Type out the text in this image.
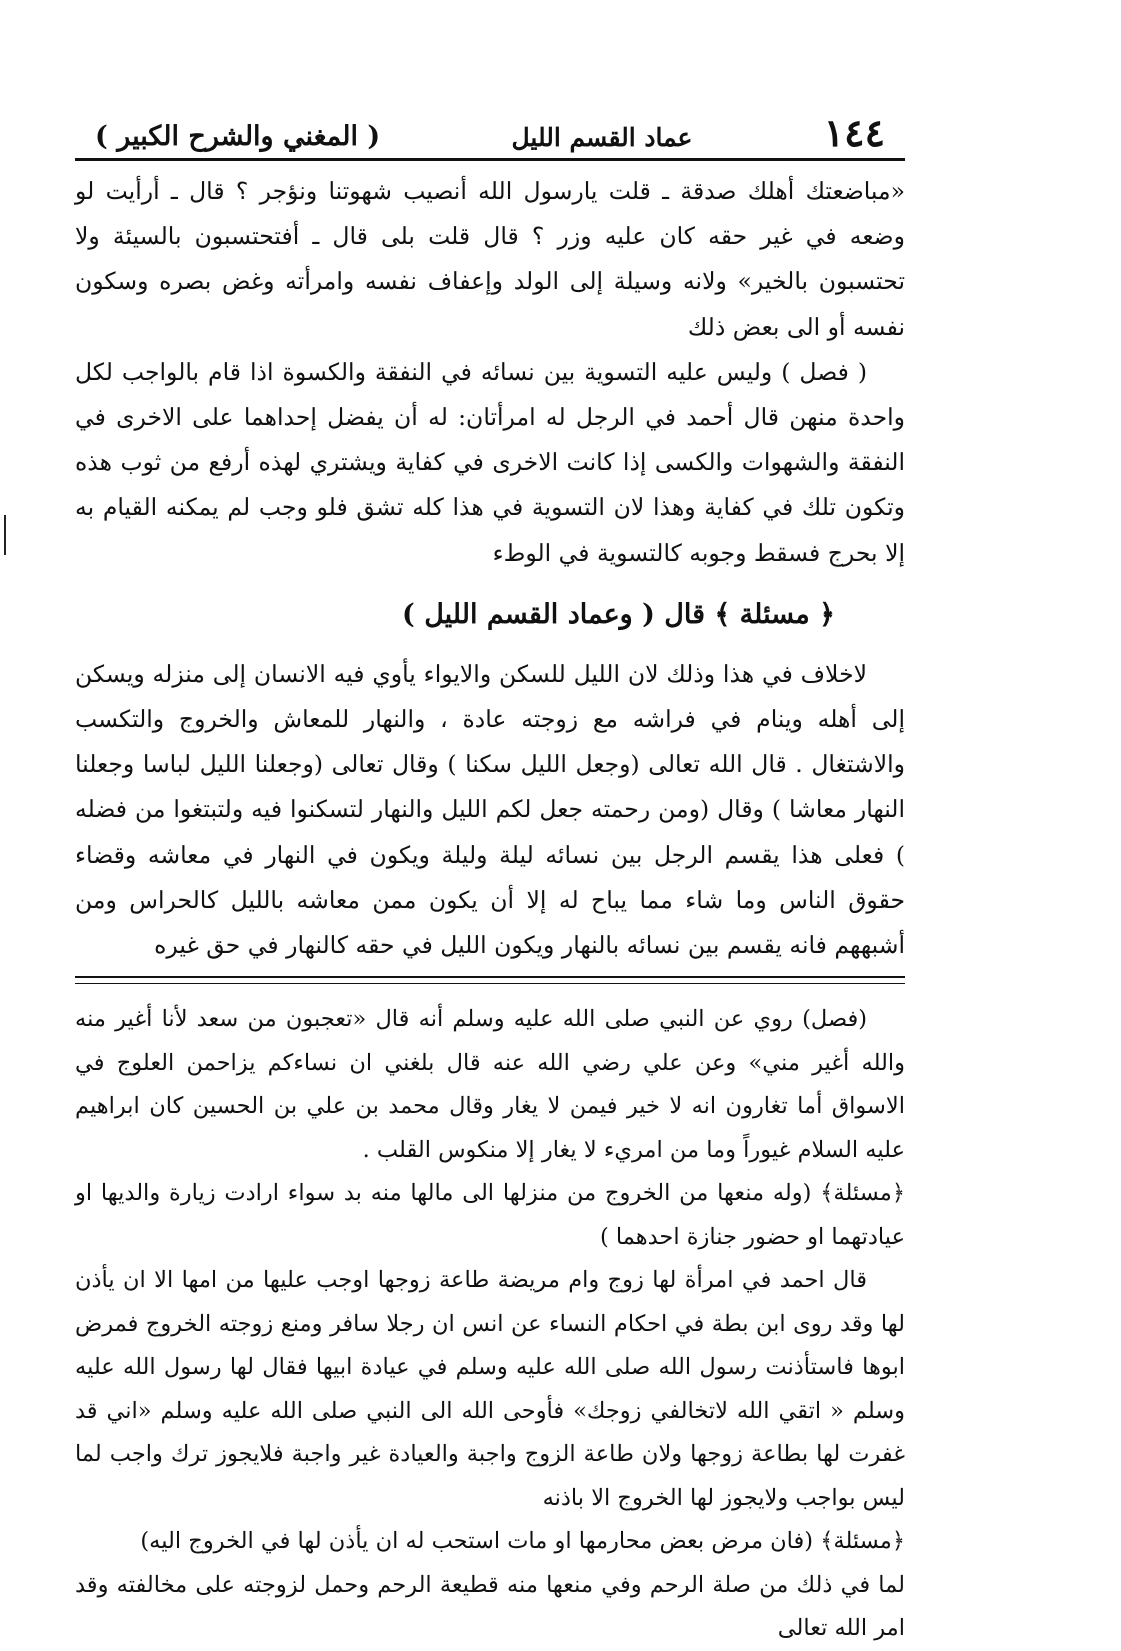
١٤٤
عماد القسم الليل
( المغني والشرح الكبير )

«مباضعتك أهلك صدقة ـ قلت يارسول الله أنصيب شهوتنا ونؤجر ؟ قال ـ أرأيت لو وضعه في غير حقه كان عليه وزر ؟ قال قلت بلى قال ـ أفتحتسبون بالسيئة ولا تحتسبون بالخير» ولانه وسيلة إلى الولد وإعفاف نفسه وامرأته وغض بصره وسكون نفسه أو الى بعض ذلك

( فصل ) وليس عليه التسوية بين نسائه في النفقة والكسوة اذا قام بالواجب لكل واحدة منهن قال أحمد في الرجل له امرأتان: له أن يفضل إحداهما على الاخرى في النفقة والشهوات والكسى إذا كانت الاخرى في كفاية ويشتري لهذه أرفع من ثوب هذه وتكون تلك في كفاية وهذا لان التسوية في هذا كله تشق فلو وجب لم يمكنه القيام به إلا بحرج فسقط وجوبه كالتسوية في الوطء

﴿ مسئلة ﴾ قال ( وعماد القسم الليل )

لاخلاف في هذا وذلك لان الليل للسكن والايواء يأوي فيه الانسان إلى منزله ويسكن إلى أهله وينام في فراشه مع زوجته عادة ، والنهار للمعاش والخروج والتكسب والاشتغال . قال الله تعالى (وجعل الليل سكنا ) وقال تعالى (وجعلنا الليل لباسا وجعلنا النهار معاشا ) وقال (ومن رحمته جعل لكم الليل والنهار لتسكنوا فيه ولتبتغوا من فضله ) فعلى هذا يقسم الرجل بين نسائه ليلة وليلة ويكون في النهار في معاشه وقضاء حقوق الناس وما شاء مما يباح له إلا أن يكون ممن معاشه بالليل كالحراس ومن أشبههم فانه يقسم بين نسائه بالنهار ويكون الليل في حقه كالنهار في حق غيره

(فصل) روي عن النبي صلى الله عليه وسلم أنه قال «تعجبون من سعد لأنا أغير منه والله أغير مني» وعن علي رضي الله عنه قال بلغني ان نساءكم يزاحمن العلوج في الاسواق أما تغارون انه لا خير فيمن لا يغار وقال محمد بن علي بن الحسين كان ابراهيم عليه السلام غيوراً وما من امريء لا يغار إلا منكوس القلب .

﴿مسئلة﴾ (وله منعها من الخروج من منزلها الى مالها منه بد سواء ارادت زيارة والديها او عيادتهما او حضور جنازة احدهما )

قال احمد في امرأة لها زوج وام مريضة طاعة زوجها اوجب عليها من امها الا ان يأذن لها وقد روى ابن بطة في احكام النساء عن انس ان رجلا سافر ومنع زوجته الخروج فمرض ابوها فاستأذنت رسول الله صلى الله عليه وسلم في عيادة ابيها فقال لها رسول الله عليه وسلم « اتقي الله لاتخالفي زوجك» فأوحى الله الى النبي صلى الله عليه وسلم «اني قد غفرت لها بطاعة زوجها ولان طاعة الزوج واجبة والعيادة غير واجبة فلايجوز ترك واجب لما ليس بواجب ولايجوز لها الخروج الا باذنه

﴿مسئلة﴾ (فان مرض بعض محارمها او مات استحب له ان يأذن لها في الخروج اليه)

لما في ذلك من صلة الرحم وفي منعها منه قطيعة الرحم وحمل لزوجته على مخالفته وقد امر الله تعالى
